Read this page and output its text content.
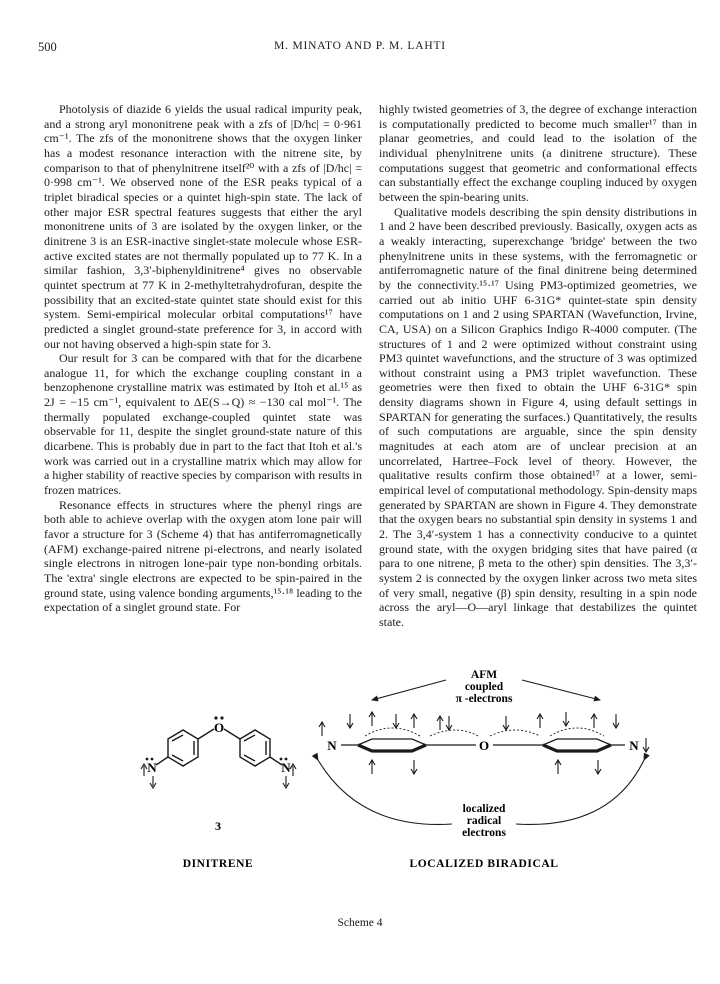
500	M. MINATO AND P. M. LAHTI

Photolysis of diazide 6 yields the usual radical impurity peak, and a strong aryl mononitrene peak with a zfs of |D/hc| = 0·961 cm⁻¹. The zfs of the mononitrene shows that the oxygen linker has a modest resonance interaction with the nitrene site, by comparison to that of phenylnitrene itself²⁰ with a zfs of |D/hc| = 0·998 cm⁻¹. We observed none of the ESR peaks typical of a triplet biradical species or a quintet high-spin state. The lack of other major ESR spectral features suggests that either the aryl mononitrene units of 3 are isolated by the oxygen linker, or the dinitrene 3 is an ESR-inactive singlet-state molecule whose ESR-active excited states are not thermally populated up to 77 K. In a similar fashion, 3,3′-biphenyldinitrene⁴ gives no observable quintet spectrum at 77 K in 2-methyltetrahydrofuran, despite the possibility that an excited-state quintet state should exist for this system. Semi-empirical molecular orbital computations¹⁷ have predicted a singlet ground-state preference for 3, in accord with our not having observed a high-spin state for 3.

Our result for 3 can be compared with that for the dicarbene analogue 11, for which the exchange coupling constant in a benzophenone crystalline matrix was estimated by Itoh et al.¹⁵ as 2J = −15 cm⁻¹, equivalent to ΔE(S→Q) ≈ −130 cal mol⁻¹. The thermally populated exchange-coupled quintet state was observable for 11, despite the singlet ground-state nature of this dicarbene. This is probably due in part to the fact that Itoh et al.'s work was carried out in a crystalline matrix which may allow for a higher stability of reactive species by comparison with results in frozen matrices.

Resonance effects in structures where the phenyl rings are both able to achieve overlap with the oxygen atom lone pair will favor a structure for 3 (Scheme 4) that has antiferromagnetically (AFM) exchange-paired nitrene pi-electrons, and nearly isolated single electrons in nitrogen lone-pair type non-bonding orbitals. The 'extra' single electrons are expected to be spin-paired in the ground state, using valence bonding arguments,¹⁵·¹⁸ leading to the expectation of a singlet ground state. For

highly twisted geometries of 3, the degree of exchange interaction is computationally predicted to become much smaller¹⁷ than in planar geometries, and could lead to the isolation of the individual phenylnitrene units (a dinitrene structure). These computations suggest that geometric and conformational effects can substantially effect the exchange coupling induced by oxygen between the spin-bearing units.

Qualitative models describing the spin density distributions in 1 and 2 have been described previously. Basically, oxygen acts as a weakly interacting, superexchange 'bridge' between the two phenylnitrene units in these systems, with the ferromagnetic or antiferromagnetic nature of the final dinitrene being determined by the connectivity.¹⁵·¹⁷ Using PM3-optimized geometries, we carried out ab initio UHF 6-31G* quintet-state spin density computations on 1 and 2 using SPARTAN (Wavefunction, Irvine, CA, USA) on a Silicon Graphics Indigo R-4000 computer. (The structures of 1 and 2 were optimized without constraint using PM3 quintet wavefunctions, and the structure of 3 was optimized without constraint using a PM3 triplet wavefunction. These geometries were then fixed to obtain the UHF 6-31G* spin density diagrams shown in Figure 4, using default settings in SPARTAN for generating the surfaces.) Quantitatively, the results of such computations are arguable, since the spin density magnitudes at each atom are of unclear precision at an uncorrelated, Hartree–Fock level of theory. However, the qualitative results confirm those obtained¹⁷ at a lower, semi-empirical level of computational methodology. Spin-density maps generated by SPARTAN are shown in Figure 4. They demonstrate that the oxygen bears no substantial spin density in systems 1 and 2. The 3,4′-system 1 has a connectivity conducive to a quintet ground state, with the oxygen bridging sites that have paired (α para to one nitrene, β meta to the other) spin densities. The 3,3′-system 2 is connected by the oxygen linker across two meta sites of very small, negative (β) spin density, resulting in a spin node across the aryl—O—aryl linkage that destabilizes the quintet state.

O
N	N
3
DINITRENE
AFM
coupled
π -electrons
N	O	N
localized
radical
electrons
LOCALIZED BIRADICAL
Scheme 4
